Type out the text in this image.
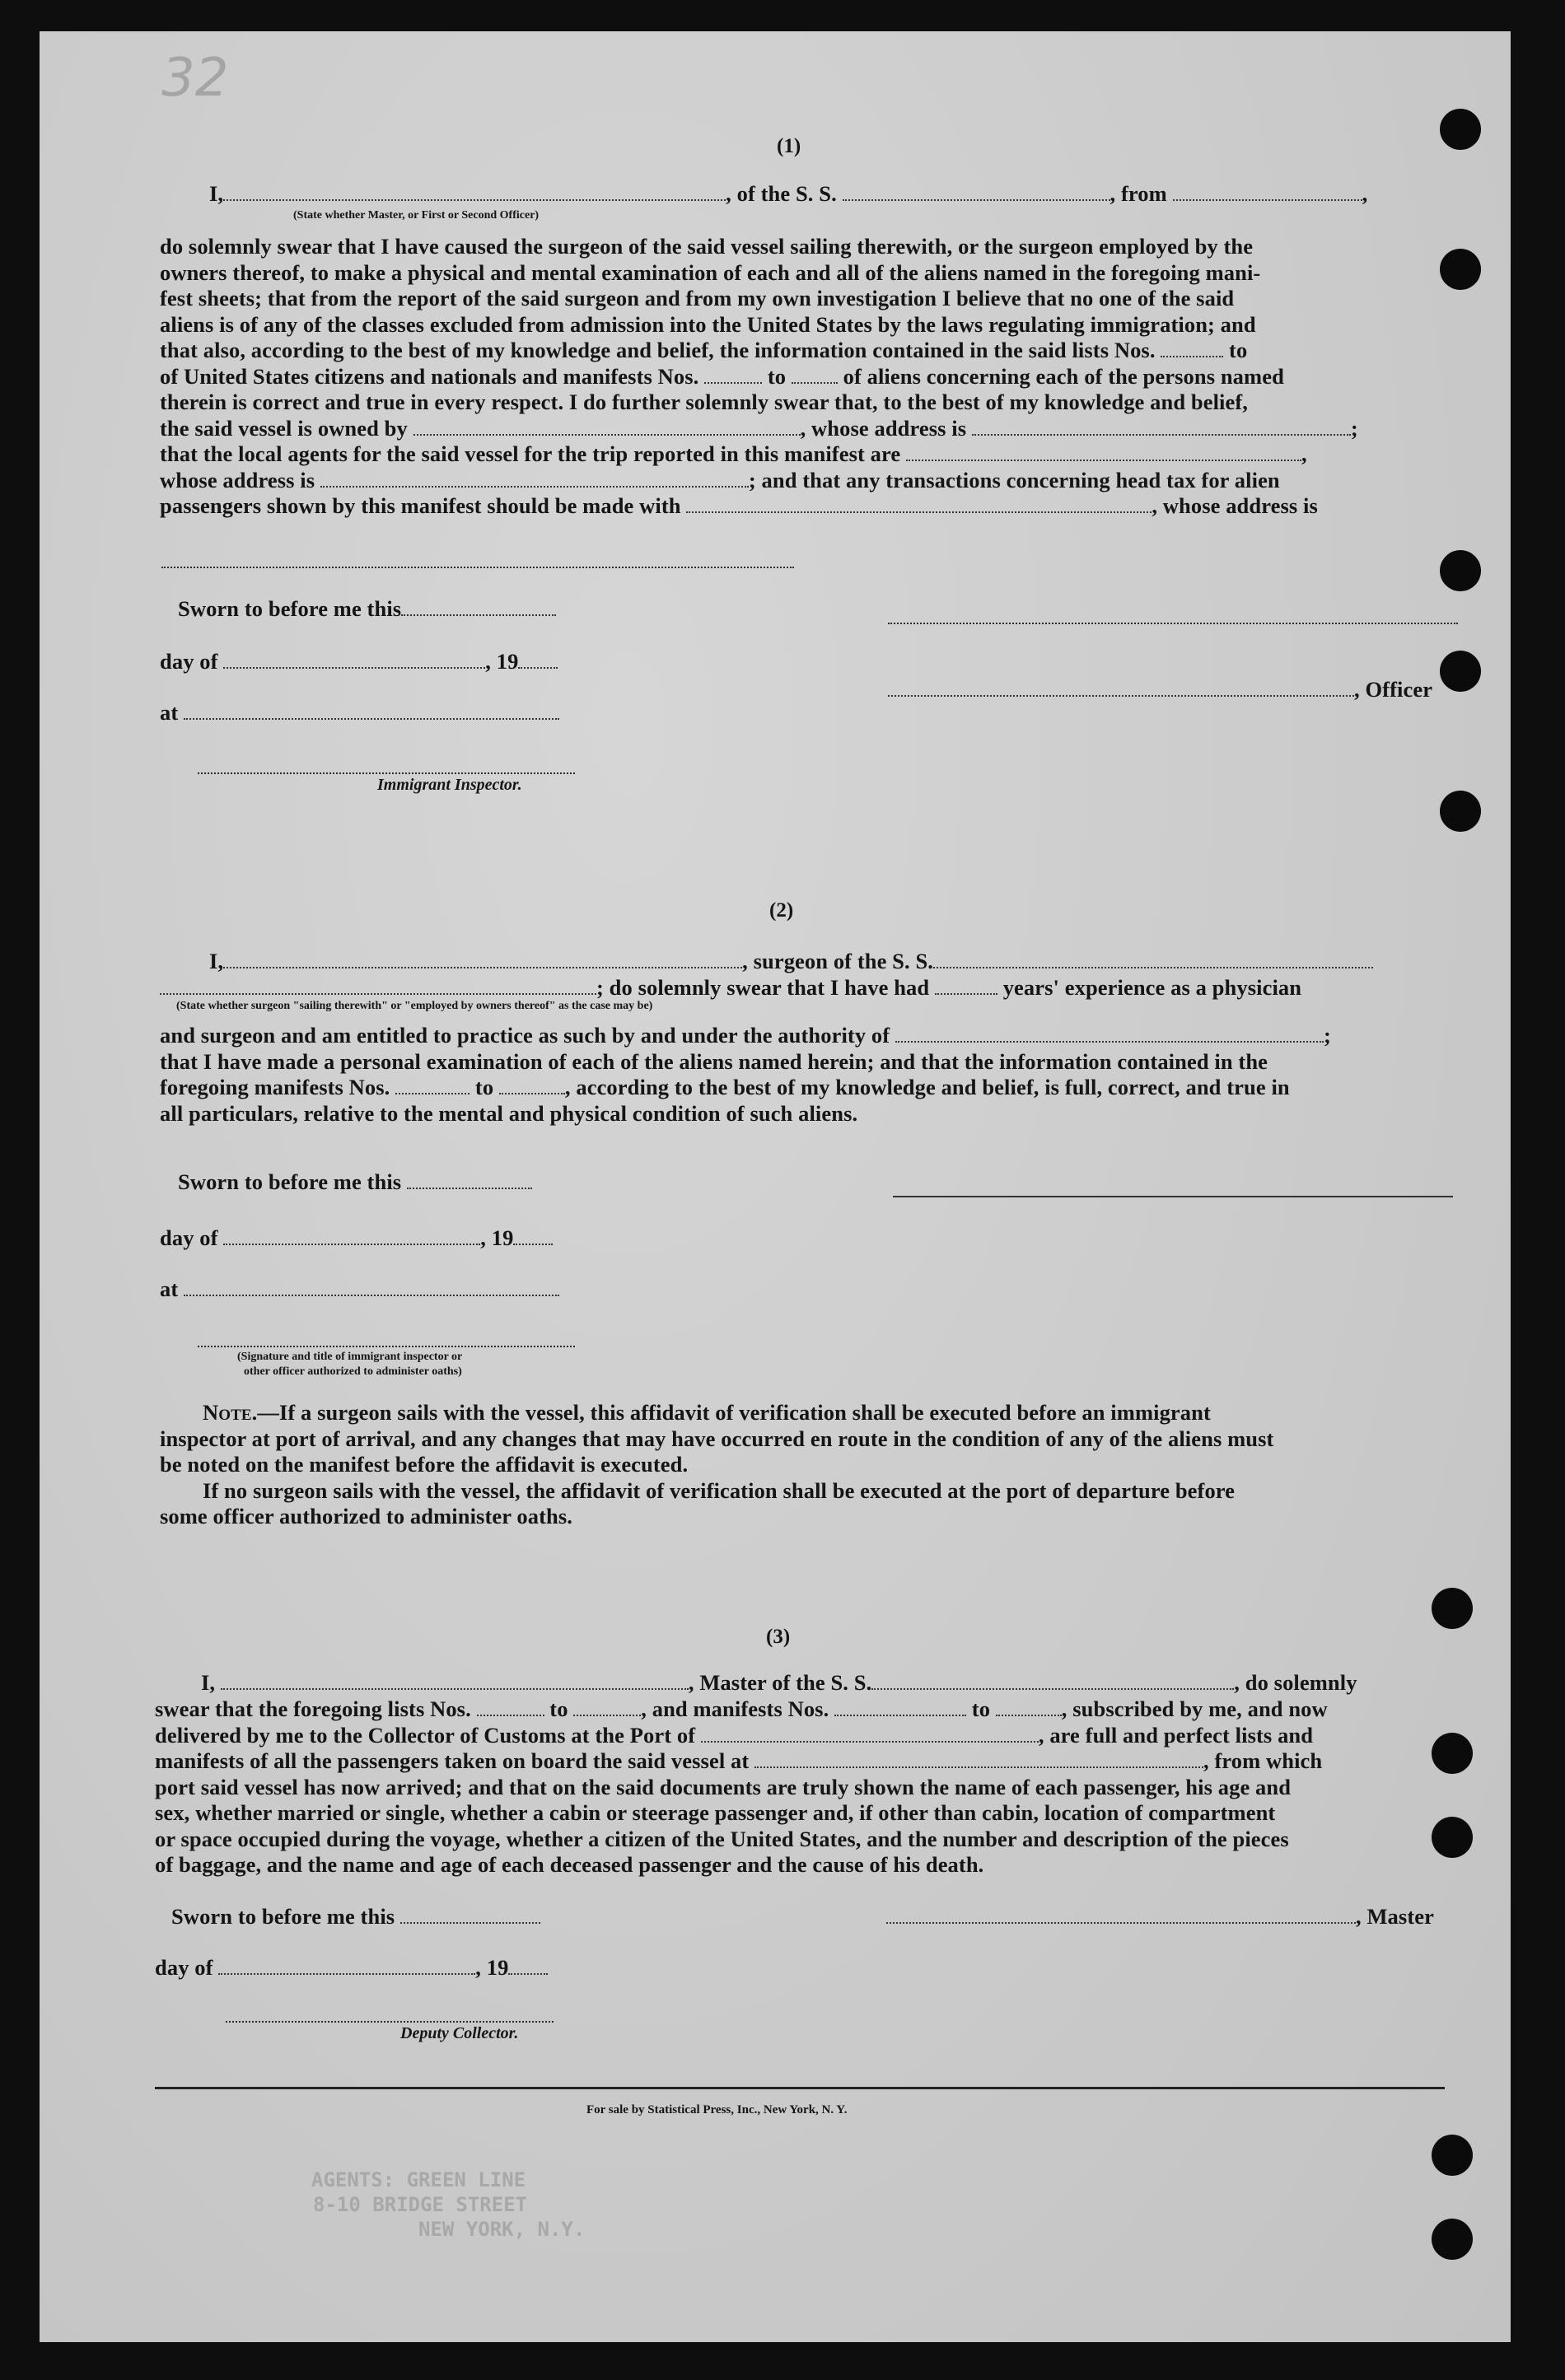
32
(1)
I,	, of the S. S.	, from	,
(State whether Master, or First or Second Officer)
do solemnly swear that I have caused the surgeon of the said vessel sailing therewith, or the surgeon employed by the
owners thereof, to make a physical and mental examination of each and all of the aliens named in the foregoing mani-
fest sheets; that from the report of the said surgeon and from my own investigation I believe that no one of the said
aliens is of any of the classes excluded from admission into the United States by the laws regulating immigration; and
that also, according to the best of my knowledge and belief, the information contained in the said lists Nos.	to
of United States citizens and nationals and manifests Nos.	to	of aliens concerning each of the persons named
therein is correct and true in every respect. I do further solemnly swear that, to the best of my knowledge and belief,
the said vessel is owned by	, whose address is	;
that the local agents for the said vessel for the trip reported in this manifest are	,
whose address is	; and that any transactions concerning head tax for alien
passengers shown by this manifest should be made with	, whose address is
Sworn to before me this
day of	, 19
, Officer
at
Immigrant Inspector.
(2)
I,	, surgeon of the S. S.
; do solemnly swear that I have had	years' experience as a physician
(State whether surgeon "sailing therewith" or "employed by owners thereof" as the case may be)
and surgeon and am entitled to practice as such by and under the authority of	;
that I have made a personal examination of each of the aliens named herein; and that the information contained in the
foregoing manifests Nos.	to	, according to the best of my knowledge and belief, is full, correct, and true in
all particulars, relative to the mental and physical condition of such aliens.
Sworn to before me this
day of	, 19
at
(Signature and title of immigrant inspector or
other officer authorized to administer oaths)
Note.—If a surgeon sails with the vessel, this affidavit of verification shall be executed before an immigrant
inspector at port of arrival, and any changes that may have occurred en route in the condition of any of the aliens must
be noted on the manifest before the affidavit is executed.
If no surgeon sails with the vessel, the affidavit of verification shall be executed at the port of departure before
some officer authorized to administer oaths.
(3)
I,	, Master of the S. S.	, do solemnly
swear that the foregoing lists Nos.	to	, and manifests Nos.	to	, subscribed by me, and now
delivered by me to the Collector of Customs at the Port of	, are full and perfect lists and
manifests of all the passengers taken on board the said vessel at	, from which
port said vessel has now arrived; and that on the said documents are truly shown the name of each passenger, his age and
sex, whether married or single, whether a cabin or steerage passenger and, if other than cabin, location of compartment
or space occupied during the voyage, whether a citizen of the United States, and the number and description of the pieces
of baggage, and the name and age of each deceased passenger and the cause of his death.
Sworn to before me this	, Master
day of	, 19
Deputy Collector.
For sale by Statistical Press, Inc., New York, N. Y.
AGENTS: GREEN LINE
8-10 BRIDGE STREET
NEW YORK, N.Y.
